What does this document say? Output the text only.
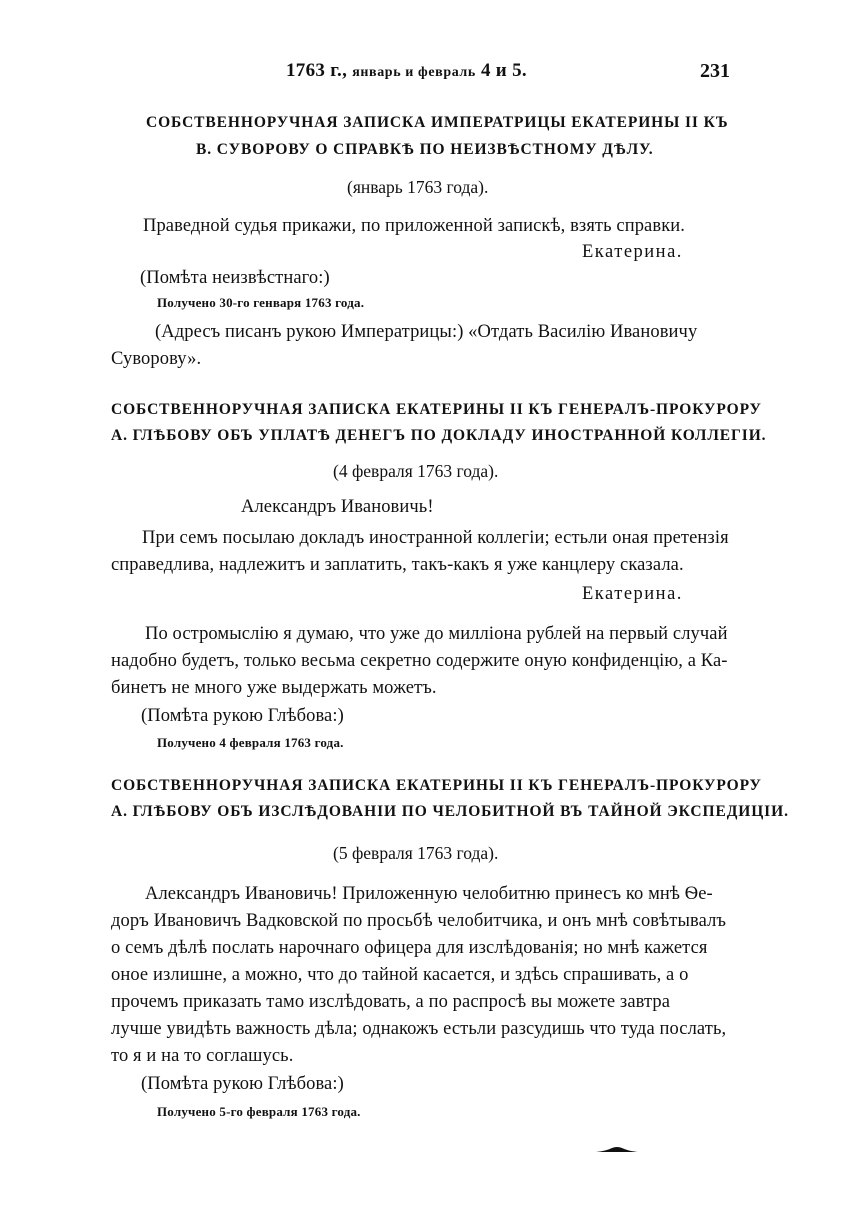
1763 г., январь и февраль 4 и 5.	231
СОБСТВЕННОРУЧНАЯ ЗАПИСКА ИМПЕРАТРИЦЫ ЕКАТЕРИНЫ II КЪ
В. СУВОРОВУ О СПРАВКѢ ПО НЕИЗВѢСТНОМУ ДѢЛУ.
(январь 1763 года).
Праведной судья прикажи, по приложенной запискѣ, взять справки.
Екатерина.
(Помѣта неизвѣстнаго:)
Получено 30-го генваря 1763 года.
(Адресъ писанъ рукою Императрицы:) «Отдать Василію Ивановичу
Суворову».
СОБСТВЕННОРУЧНАЯ ЗАПИСКА ЕКАТЕРИНЫ II КЪ ГЕНЕРАЛЪ-ПРОКУРОРУ
А. ГЛѢБОВУ ОБЪ УПЛАТѢ ДЕНЕГЪ ПО ДОКЛАДУ ИНОСТРАННОЙ КОЛЛЕГІИ.
(4 февраля 1763 года).
Александръ Ивановичь!
При семъ посылаю докладъ иностранной коллегіи; естьли оная претензія
справедлива, надлежитъ и заплатить, такъ-какъ я уже канцлеру сказала.
Екатерина.
По остромыслію я думаю, что уже до милліона рублей на первый случай
надобно будетъ, только весьма секретно содержите оную конфиденцію, а Ка-
бинетъ не много уже выдержать можетъ.
(Помѣта рукою Глѣбова:)
Получено 4 февраля 1763 года.
СОБСТВЕННОРУЧНАЯ ЗАПИСКА ЕКАТЕРИНЫ II КЪ ГЕНЕРАЛЪ-ПРОКУРОРУ
А. ГЛѢБОВУ ОБЪ ИЗСЛѢДОВАНІИ ПО ЧЕЛОБИТНОЙ ВЪ ТАЙНОЙ ЭКСПЕДИЦІИ.
(5 февраля 1763 года).
Александръ Ивановичь! Приложенную челобитню принесъ ко мнѣ Ѳе-
доръ Ивановичъ Вадковской по просьбѣ челобитчика, и онъ мнѣ совѣтывалъ
о семъ дѣлѣ послать нарочнаго офицера для изслѣдованія; но мнѣ кажется
оное излишне, а можно, что до тайной касается, и здѣсь спрашивать, а о
прочемъ приказать тамо изслѣдовать, а по распросѣ вы можете завтра
лучше увидѣть важность дѣла; однакожъ естьли разсудишь что туда послать,
то я и на то соглашусь.
(Помѣта рукою Глѣбова:)
Получено 5-го февраля 1763 года.
